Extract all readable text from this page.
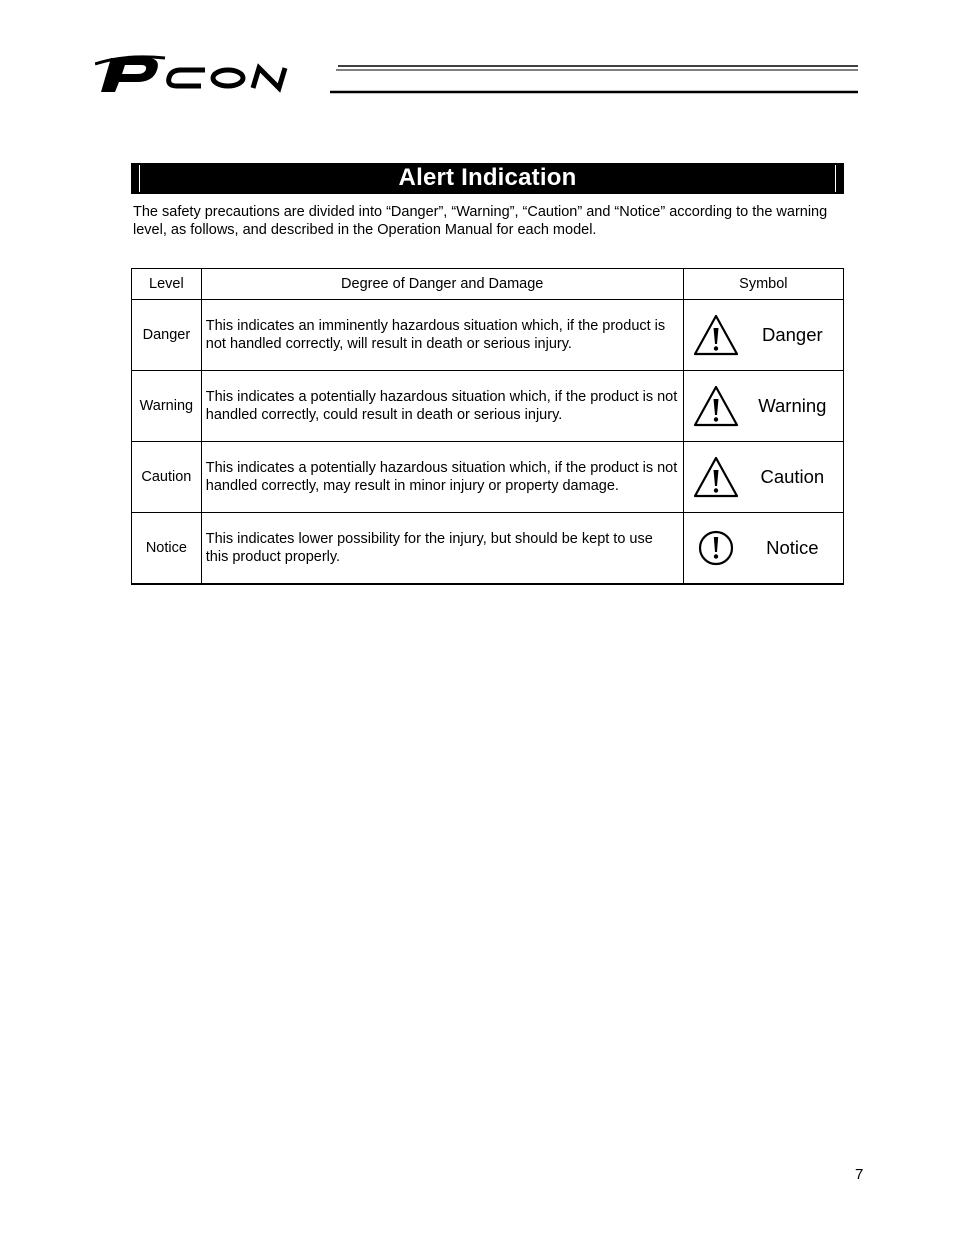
PCON
Alert Indication
The safety precautions are divided into “Danger”, “Warning”, “Caution” and “Notice” according to the warning level, as follows, and described in the Operation Manual for each model.
Level	Degree of Danger and Damage	Symbol
Danger	This indicates an imminently hazardous situation which, if the product is not handled correctly, will result in death or serious injury.	Danger

Warning	This indicates a potentially hazardous situation which, if the product is not handled correctly, could result in death or serious injury.	Warning

Caution	This indicates a potentially hazardous situation which, if the product is not handled correctly, may result in minor injury or property damage.	Caution

Notice	This indicates lower possibility for the injury, but should be kept to use this product properly.	Notice
7
